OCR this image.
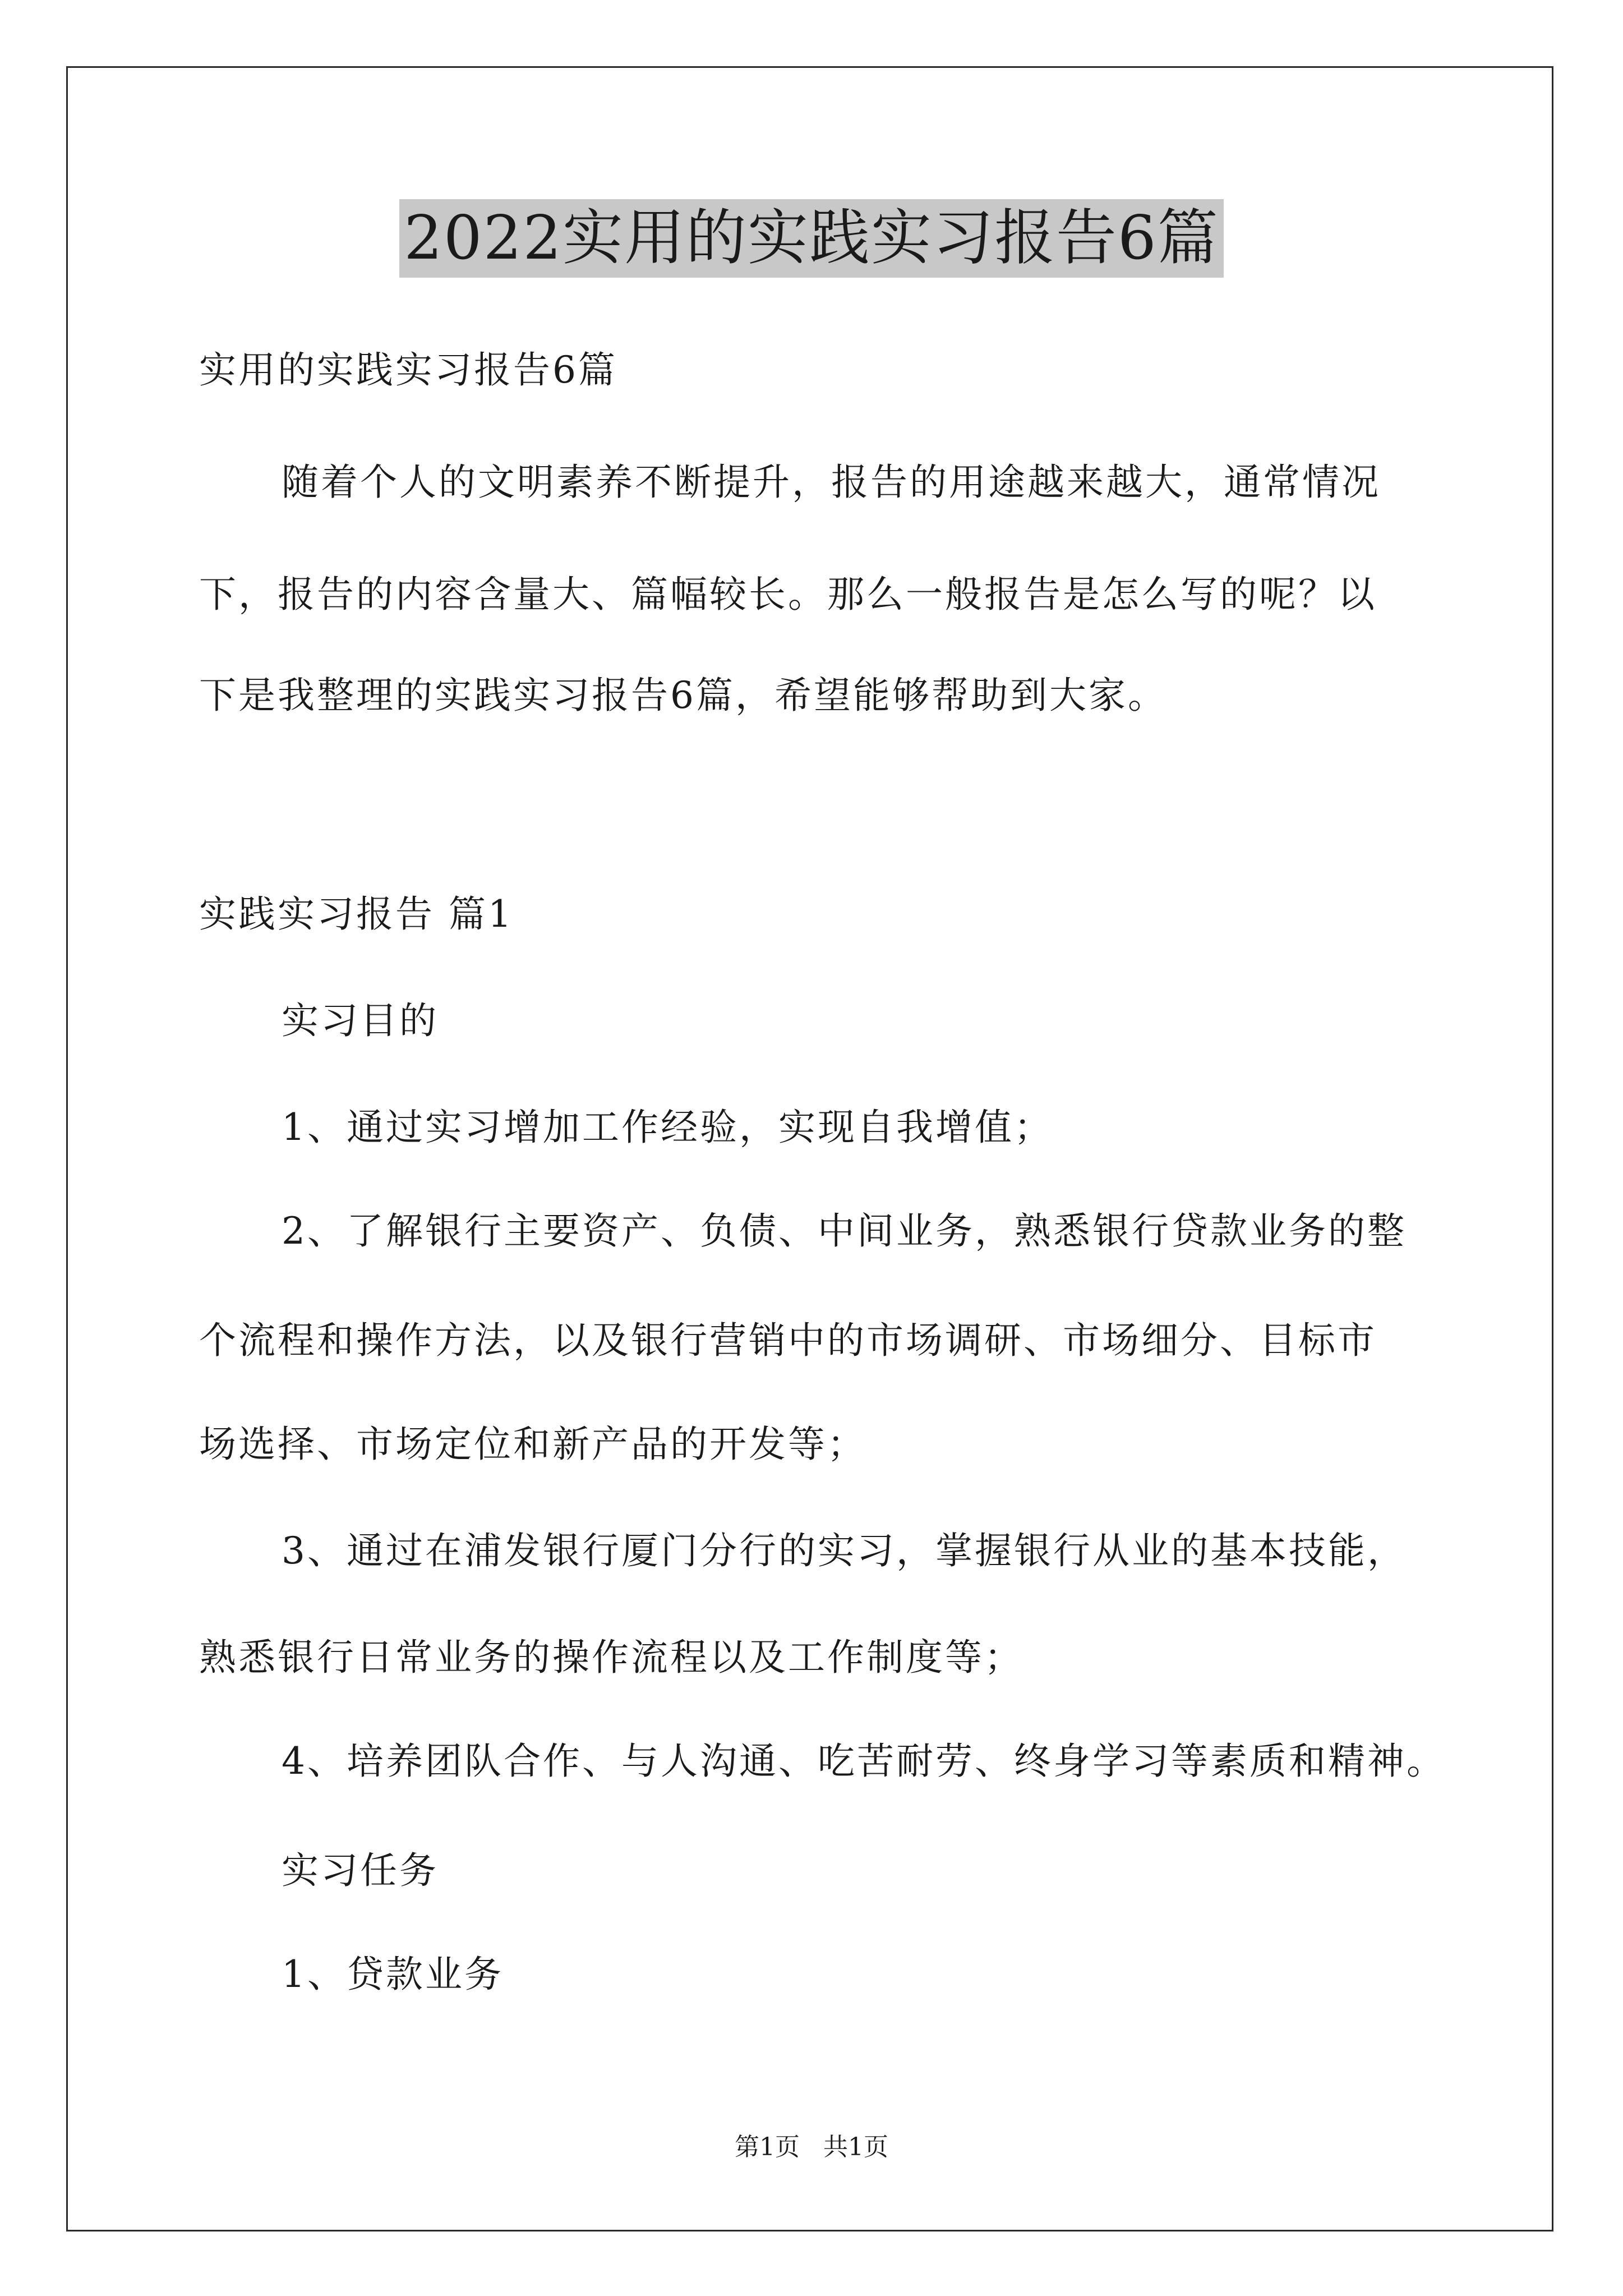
2022实用的实践实习报告6篇
实用的实践实习报告6篇
随着个人的文明素养不断提升，报告的用途越来越大，通常情况
下，报告的内容含量大、篇幅较长。那么一般报告是怎么写的呢？以
下是我整理的实践实习报告6篇，希望能够帮助到大家。
实践实习报告 篇1
实习目的
1、通过实习增加工作经验，实现自我增值；
2、了解银行主要资产、负债、中间业务，熟悉银行贷款业务的整
个流程和操作方法，以及银行营销中的市场调研、市场细分、目标市
场选择、市场定位和新产品的开发等；
3、通过在浦发银行厦门分行的实习，掌握银行从业的基本技能，
熟悉银行日常业务的操作流程以及工作制度等；
4、培养团队合作、与人沟通、吃苦耐劳、终身学习等素质和精神。
实习任务
1、贷款业务
第1页   共1页
